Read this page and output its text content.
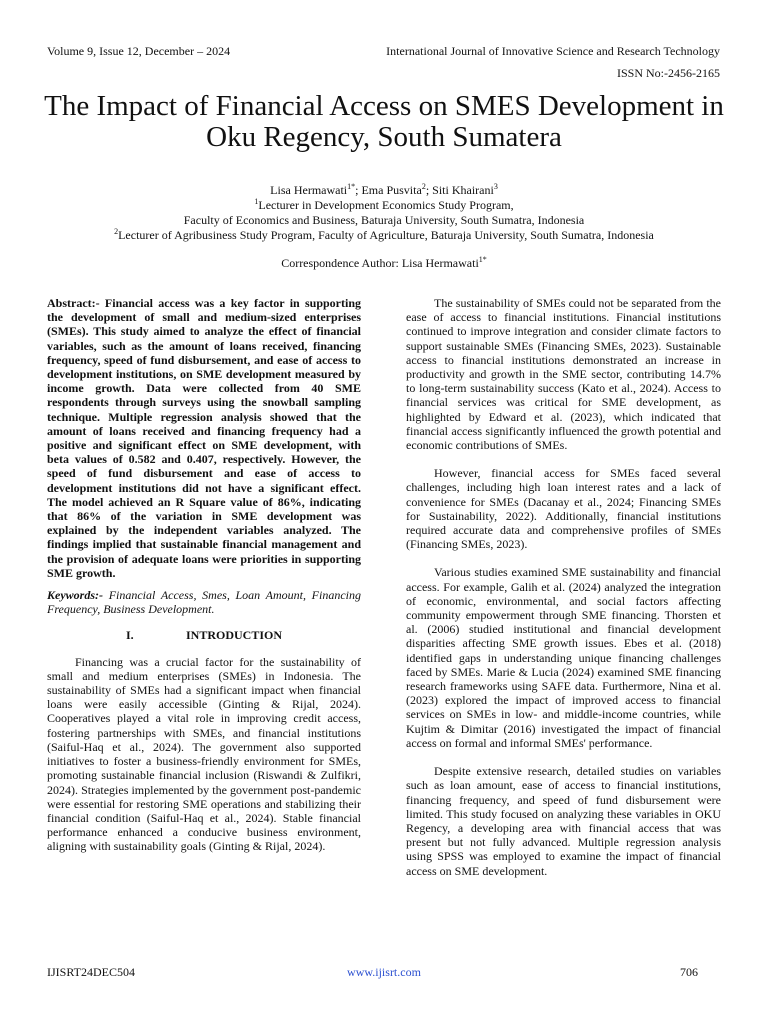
Volume 9, Issue 12, December – 2024	International Journal of Innovative Science and Research Technology
ISSN No:-2456-2165
The Impact of Financial Access on SMES Development in Oku Regency, South Sumatera
Lisa Hermawati$^{1*}$; Ema Pusvita$^2$; Siti Khairani$^3$
$^1$Lecturer in Development Economics Study Program,
Faculty of Economics and Business, Baturaja University, South Sumatra, Indonesia
$^2$Lecturer of Agribusiness Study Program, Faculty of Agriculture, Baturaja University, South Sumatra, Indonesia
Correspondence Author: Lisa Hermawati$^{1*}$

Abstract:- Financial access was a key factor in supporting the development of small and medium-sized enterprises (SMEs). This study aimed to analyze the effect of financial variables, such as the amount of loans received, financing frequency, speed of fund disbursement, and ease of access to development institutions, on SME development measured by income growth. Data were collected from 40 SME respondents through surveys using the snowball sampling technique. Multiple regression analysis showed that the amount of loans received and financing frequency had a positive and significant effect on SME development, with beta values of 0.582 and 0.407, respectively. However, the speed of fund disbursement and ease of access to development institutions did not have a significant effect. The model achieved an R Square value of 86%, indicating that 86% of the variation in SME development was explained by the independent variables analyzed. The findings implied that sustainable financial management and the provision of adequate loans were priorities in supporting SME growth.

Keywords:- Financial Access, Smes, Loan Amount, Financing Frequency, Business Development.

I.	INTRODUCTION

Financing was a crucial factor for the sustainability of small and medium enterprises (SMEs) in Indonesia. The sustainability of SMEs had a significant impact when financial loans were easily accessible (Ginting & Rijal, 2024). Cooperatives played a vital role in improving credit access, fostering partnerships with SMEs, and financial institutions (Saiful-Haq et al., 2024). The government also supported initiatives to foster a business-friendly environment for SMEs, promoting sustainable financial inclusion (Riswandi & Zulfikri, 2024). Strategies implemented by the government post-pandemic were essential for restoring SME operations and stabilizing their financial condition (Saiful-Haq et al., 2024). Stable financial performance enhanced a conducive business environment, aligning with sustainability goals (Ginting & Rijal, 2024).

The sustainability of SMEs could not be separated from the ease of access to financial institutions. Financial institutions continued to improve integration and consider climate factors to support sustainable SMEs (Financing SMEs, 2023). Sustainable access to financial institutions demonstrated an increase in productivity and growth in the SME sector, contributing 14.7% to long-term sustainability success (Kato et al., 2024). Access to financial services was critical for SME development, as highlighted by Edward et al. (2023), which indicated that financial access significantly influenced the growth potential and economic contributions of SMEs.

However, financial access for SMEs faced several challenges, including high loan interest rates and a lack of convenience for SMEs (Dacanay et al., 2024; Financing SMEs for Sustainability, 2022). Additionally, financial institutions required accurate data and comprehensive profiles of SMEs (Financing SMEs, 2023).

Various studies examined SME sustainability and financial access. For example, Galih et al. (2024) analyzed the integration of economic, environmental, and social factors affecting community empowerment through SME financing. Thorsten et al. (2006) studied institutional and financial development disparities affecting SME growth issues. Ebes et al. (2018) identified gaps in understanding unique financing challenges faced by SMEs. Marie & Lucia (2024) examined SME financing research frameworks using SAFE data. Furthermore, Nina et al. (2023) explored the impact of improved access to financial services on SMEs in low- and middle-income countries, while Kujtim & Dimitar (2016) investigated the impact of financial access on formal and informal SMEs' performance.

Despite extensive research, detailed studies on variables such as loan amount, ease of access to financial institutions, financing frequency, and speed of fund disbursement were limited. This study focused on analyzing these variables in OKU Regency, a developing area with financial access that was present but not fully advanced. Multiple regression analysis using SPSS was employed to examine the impact of financial access on SME development.

IJISRT24DEC504	www.ijisrt.com	706
